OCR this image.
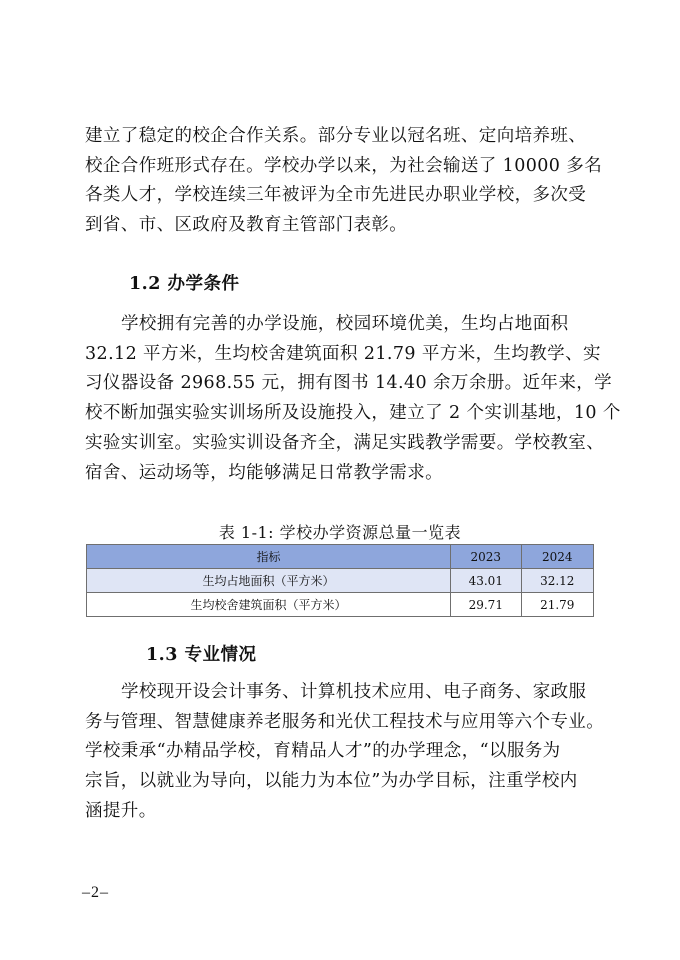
建立了稳定的校企合作关系。部分专业以冠名班、定向培养班、
校企合作班形式存在。学校办学以来，为社会输送了 10000 多名
各类人才，学校连续三年被评为全市先进民办职业学校，多次受
到省、市、区政府及教育主管部门表彰。
1.2 办学条件
学校拥有完善的办学设施，校园环境优美，生均占地面积
32.12 平方米，生均校舍建筑面积 21.79 平方米，生均教学、实
习仪器设备 2968.55 元，拥有图书 14.40 余万余册。近年来，学
校不断加强实验实训场所及设施投入，建立了 2 个实训基地，10 个
实验实训室。实验实训设备齐全，满足实践教学需要。学校教室、
宿舍、运动场等，均能够满足日常教学需求。
表 1-1: 学校办学资源总量一览表
指标	2023	2024
生均占地面积（平方米）	43.01	32.12
生均校舍建筑面积（平方米）	29.71	21.79
1.3 专业情况
学校现开设会计事务、计算机技术应用、电子商务、家政服
务与管理、智慧健康养老服务和光伏工程技术与应用等六个专业。
学校秉承“办精品学校，育精品人才”的办学理念，“以服务为
宗旨，以就业为导向，以能力为本位”为办学目标，注重学校内
涵提升。
–2–
